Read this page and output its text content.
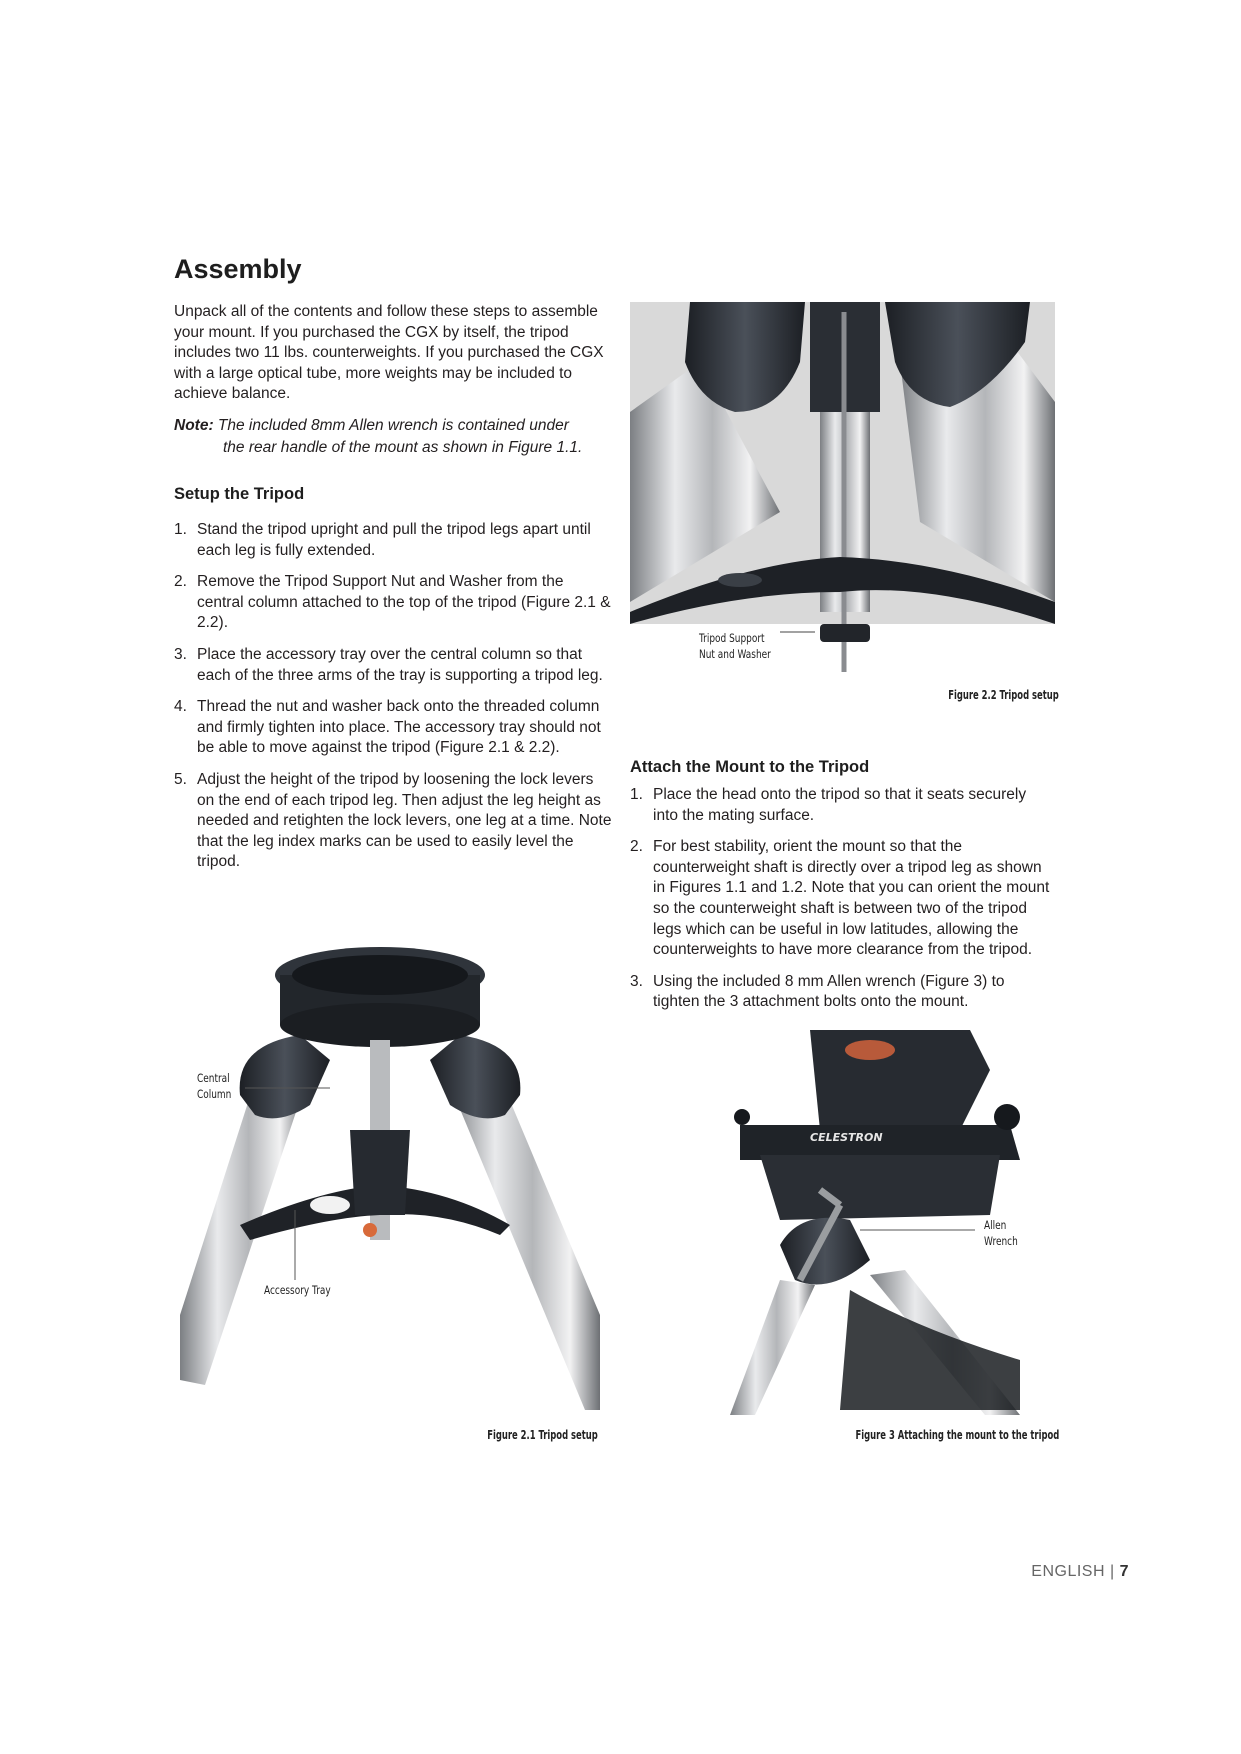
Assembly

Unpack all of the contents and follow these steps to assemble your mount. If you purchased the CGX by itself, the tripod includes two 11 lbs. counterweights. If you purchased the CGX with a large optical tube, more weights may be included to achieve balance.

Note: The included 8mm Allen wrench is contained under
the rear handle of the mount as shown in Figure 1.1.
Setup the Tripod
1. Stand the tripod upright and pull the tripod legs apart until each leg is fully extended.
2. Remove the Tripod Support Nut and Washer from the central column attached to the top of the tripod (Figure 2.1 & 2.2).
3. Place the accessory tray over the central column so that each of the three arms of the tray is supporting a tripod leg.
4. Thread the nut and washer back onto the threaded column and firmly tighten into place. The accessory tray should not be able to move against the tripod (Figure 2.1 & 2.2).
5. Adjust the height of the tripod by loosening the lock levers on the end of each tripod leg. Then adjust the leg height as needed and retighten the lock levers, one leg at a time. Note that the leg index marks can be used to easily level the tripod.
Tripod Support
Nut and Washer
Figure 2.2 Tripod setup
Attach the Mount to the Tripod
1. Place the head onto the tripod so that it seats securely into the mating surface.
2. For best stability, orient the mount so that the counterweight shaft is directly over a tripod leg as shown in Figures 1.1 and 1.2. Note that you can orient the mount so the counterweight shaft is between two of the tripod legs which can be useful in low latitudes, allowing the counterweights to have more clearance from the tripod.
3. Using the included 8 mm Allen wrench (Figure 3) to tighten the 3 attachment bolts onto the mount.
Central
Column
Accessory Tray
Figure 2.1 Tripod setup
CELESTRON
Allen
Wrench
Figure 3 Attaching the mount to the tripod
ENGLISH | 7
